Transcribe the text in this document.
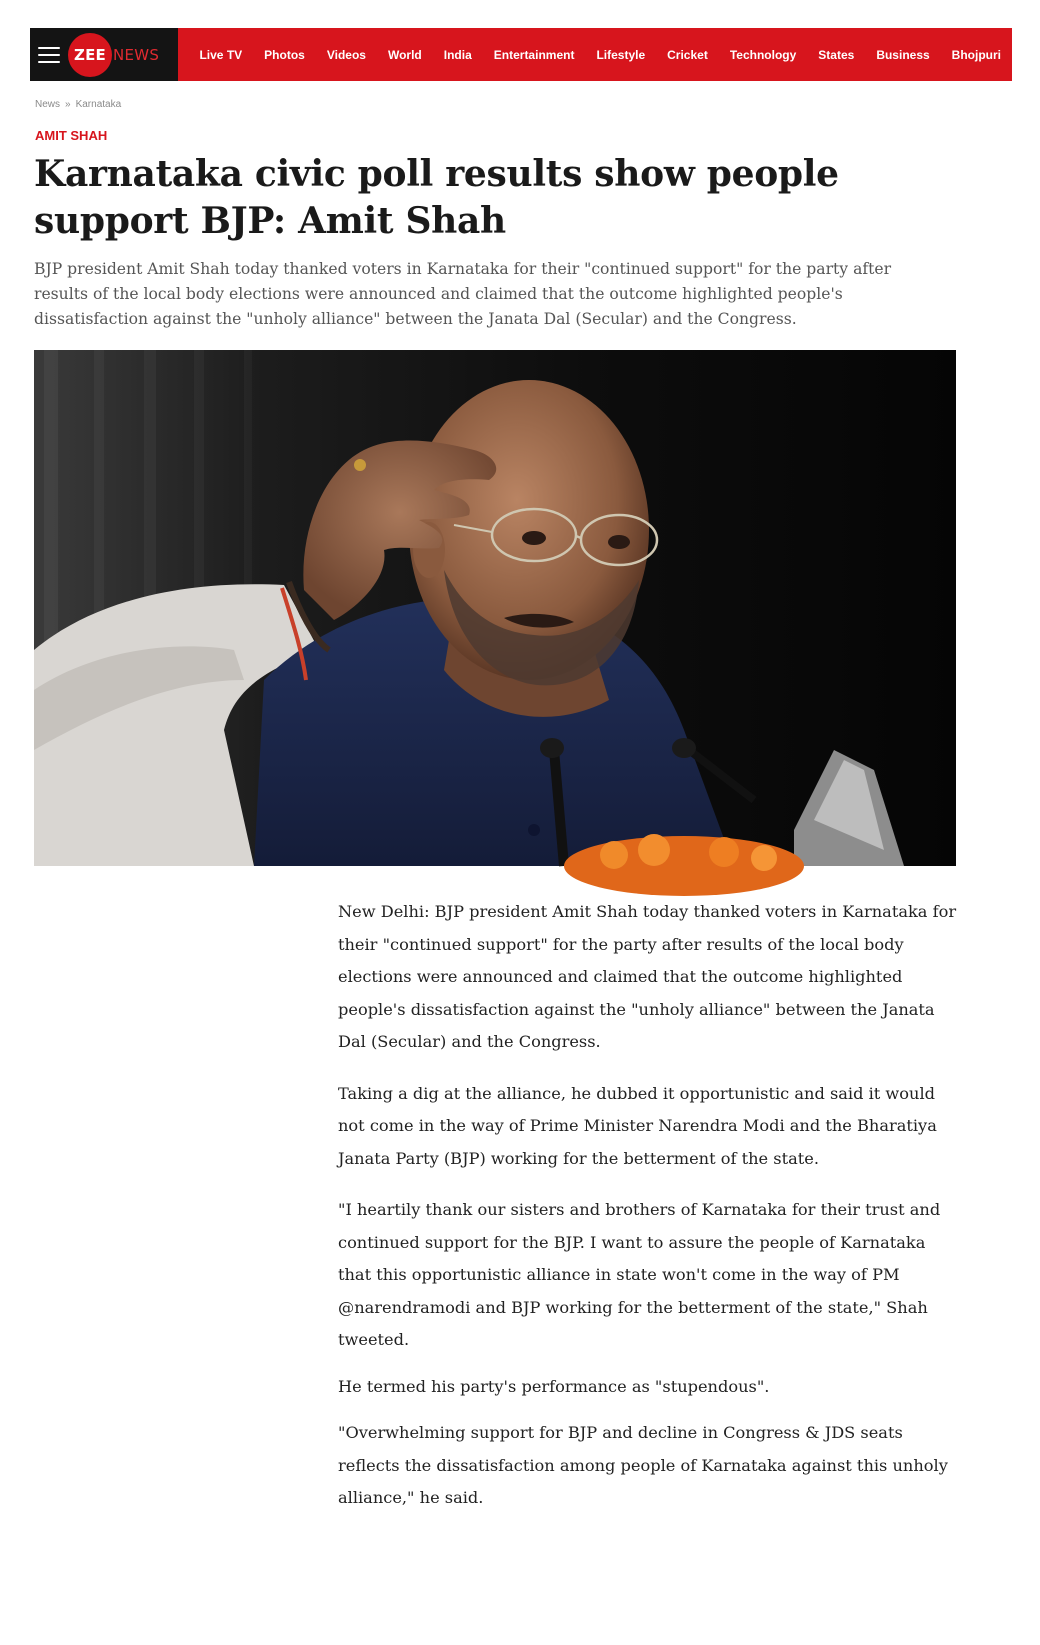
ZEE NEWS	Live TV Photos Videos World India Entertainment Lifestyle Cricket Technology States Business Bhojpuri
News » Karnataka
AMIT SHAH
Karnataka civic poll results show people support BJP: Amit Shah

BJP president Amit Shah today thanked voters in Karnataka for their "continued support" for the party after results of the local body elections were announced and claimed that the outcome highlighted people's dissatisfaction against the "unholy alliance" between the Janata Dal (Secular) and the Congress.

New Delhi: BJP president Amit Shah today thanked voters in Karnataka for their "continued support" for the party after results of the local body elections were announced and claimed that the outcome highlighted people's dissatisfaction against the "unholy alliance" between the Janata Dal (Secular) and the Congress.

Taking a dig at the alliance, he dubbed it opportunistic and said it would not come in the way of Prime Minister Narendra Modi and the Bharatiya Janata Party (BJP) working for the betterment of the state.

"I heartily thank our sisters and brothers of Karnataka for their trust and continued support for the BJP. I want to assure the people of Karnataka that this opportunistic alliance in state won't come in the way of PM @narendramodi and BJP working for the betterment of the state," Shah tweeted.

He termed his party's performance as "stupendous".

"Overwhelming support for BJP and decline in Congress & JDS seats reflects the dissatisfaction among people of Karnataka against this unholy alliance," he said.
